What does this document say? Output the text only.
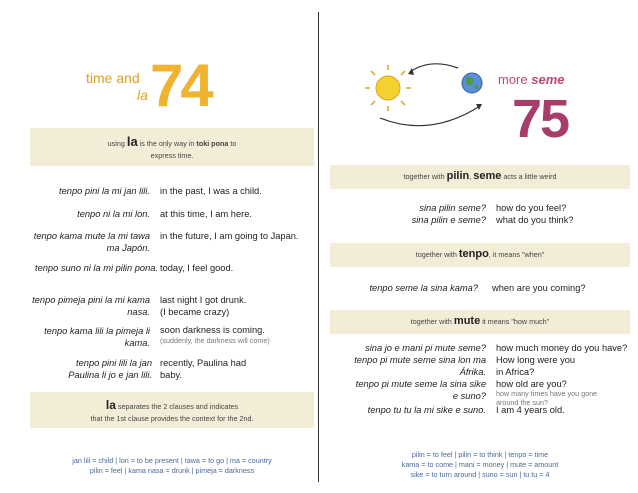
time and
la 74
using la is the only way in toki pona to
express time.
tenpo pini la mi jan lili. in the past, I was a child.
tenpo ni la mi lon. at this time, I am here.
tenpo kama mute la mi tawa ma Japón.
in the future, I am going to Japan.
tenpo suno ni la mi pilin pona. today, I feel good.
tenpo pimeja pini la mi kama nasa.
last night I got drunk.
(I became crazy)
tenpo kama lili la pimeja li kama.
soon darkness is coming.
(suddenly, the darkness will come)
tenpo pini lili la jan Paulina li jo e jan lili.
recently, Paulina had baby.
la separates the 2 clauses and indicates
that the 1st clause provides the context for the 2nd.
jan lili = child | lon = to be present | tawa = to go | ma = country
pilin = feel | kama nasa = drunk | pimeja = darkness
more seme
75
together with pilin, seme acts a little weird
sina pilin seme?
sina pilin e seme?
how do you feel?
what do you think?
together with tenpo, it means "when"
tenpo seme la sina kama? when are you coming?
together with mute it means "how much"
sina jo e mani pi mute seme? how much money do you have?
tenpo pi mute seme sina lon ma Áfrika.
How long were you in Africa?
tenpo pi mute seme la sina sike e suno?
how old are you?
how many times have you gone around the sun?
tenpo tu tu la mi sike e suno. I am 4 years old.
pilin = to feel | pilin = to think | tenpo = time
kama = to come | mani = money | mute = amount
sike = to turn around | suno = sun | tu tu = 4
